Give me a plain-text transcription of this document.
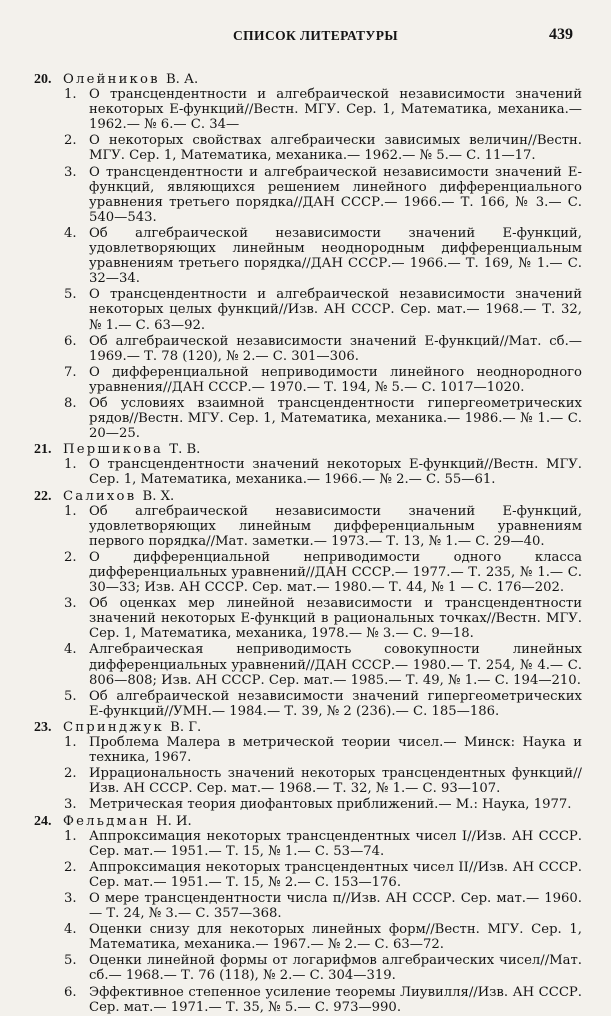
СПИСОК ЛИТЕРАТУРЫ	439

20. Олейников В. А.

1. О трансцендентности и алгебраической независимости значений некоторых Е-функций//Вестн. МГУ. Сер. 1, Математика, механика.— 1962.— № 6.— С. 34—

2. О некоторых свойствах алгебраически зависимых величин//Вестн. МГУ. Сер. 1, Математика, механика.— 1962.— № 5.— С. 11—17.

3. О трансцендентности и алгебраической независимости значений Е-функций, являющихся решением линейного дифференциального уравнения третьего порядка//ДАН СССР.— 1966.— Т. 166, № 3.— С. 540—543.

4. Об алгебраической независимости значений Е-функций, удовлетворяющих линейным неоднородным дифференциальным уравнениям третьего порядка//ДАН СССР.— 1966.— Т. 169, № 1.— С. 32—34.

5. О трансцендентности и алгебраической независимости значений некоторых целых функций//Изв. АН СССР. Сер. мат.— 1968.— Т. 32, № 1.— С. 63—92.

6. Об алгебраической независимости значений Е-функций//Мат. сб.— 1969.— Т. 78 (120), № 2.— С. 301—306.

7. О дифференциальной неприводимости линейного неоднородного уравнения//ДАН СССР.— 1970.— Т. 194, № 5.— С. 1017—1020.

8. Об условиях взаимной трансцендентности гипергеометрических рядов//Вестн. МГУ. Сер. 1, Математика, механика.— 1986.— № 1.— С. 20—25.

21. Першикова Т. В.

1. О трансцендентности значений некоторых Е-функций//Вестн. МГУ. Сер. 1, Математика, механика.— 1966.— № 2.— С. 55—61.

22. Салихов В. Х.

1. Об алгебраической независимости значений Е-функций, удовлетворяющих линейным дифференциальным уравнениям первого порядка//Мат. заметки.— 1973.— Т. 13, № 1.— С. 29—40.

2. О дифференциальной неприводимости одного класса дифференциальных уравнений//ДАН СССР.— 1977.— Т. 235, № 1.— С. 30—33; Изв. АН СССР. Сер. мат.— 1980.— Т. 44, № 1 — С. 176—202.

3. Об оценках мер линейной независимости и трансцендентности значений некоторых Е-функций в рациональных точках//Вестн. МГУ. Сер. 1, Математика, механика, 1978.— № 3.— С. 9—18.

4. Алгебраическая неприводимость совокупности линейных дифференциальных уравнений//ДАН СССР.— 1980.— Т. 254, № 4.— С. 806—808; Изв. АН СССР. Сер. мат.— 1985.— Т. 49, № 1.— С. 194—210.

5. Об алгебраической независимости значений гипергеометрических Е-функций//УМН.— 1984.— Т. 39, № 2 (236).— С. 185—186.

23. Спринджук В. Г.

1. Проблема Малера в метрической теории чисел.— Минск: Наука и техника, 1967.

2. Иррациональность значений некоторых трансцендентных функций//Изв. АН СССР. Сер. мат.— 1968.— Т. 32, № 1.— С. 93—107.

3. Метрическая теория диофантовых приближений.— М.: Наука, 1977.

24. Фельдман Н. И.

1. Аппроксимация некоторых трансцендентных чисел I//Изв. АН СССР. Сер. мат.— 1951.— Т. 15, № 1.— С. 53—74.

2. Аппроксимация некоторых трансцендентных чисел II//Изв. АН СССР. Сер. мат.— 1951.— Т. 15, № 2.— С. 153—176.

3. О мере трансцендентности числа π//Изв. АН СССР. Сер. мат.— 1960.— Т. 24, № 3.— С. 357—368.

4. Оценки снизу для некоторых линейных форм//Вестн. МГУ. Сер. 1, Математика, механика.— 1967.— № 2.— С. 63—72.

5. Оценки линейной формы от логарифмов алгебраических чисел//Мат. сб.— 1968.— Т. 76 (118), № 2.— С. 304—319.

6. Эффективное степенное усиление теоремы Лиувилля//Изв. АН СССР. Сер. мат.— 1971.— Т. 35, № 5.— С. 973—990.
